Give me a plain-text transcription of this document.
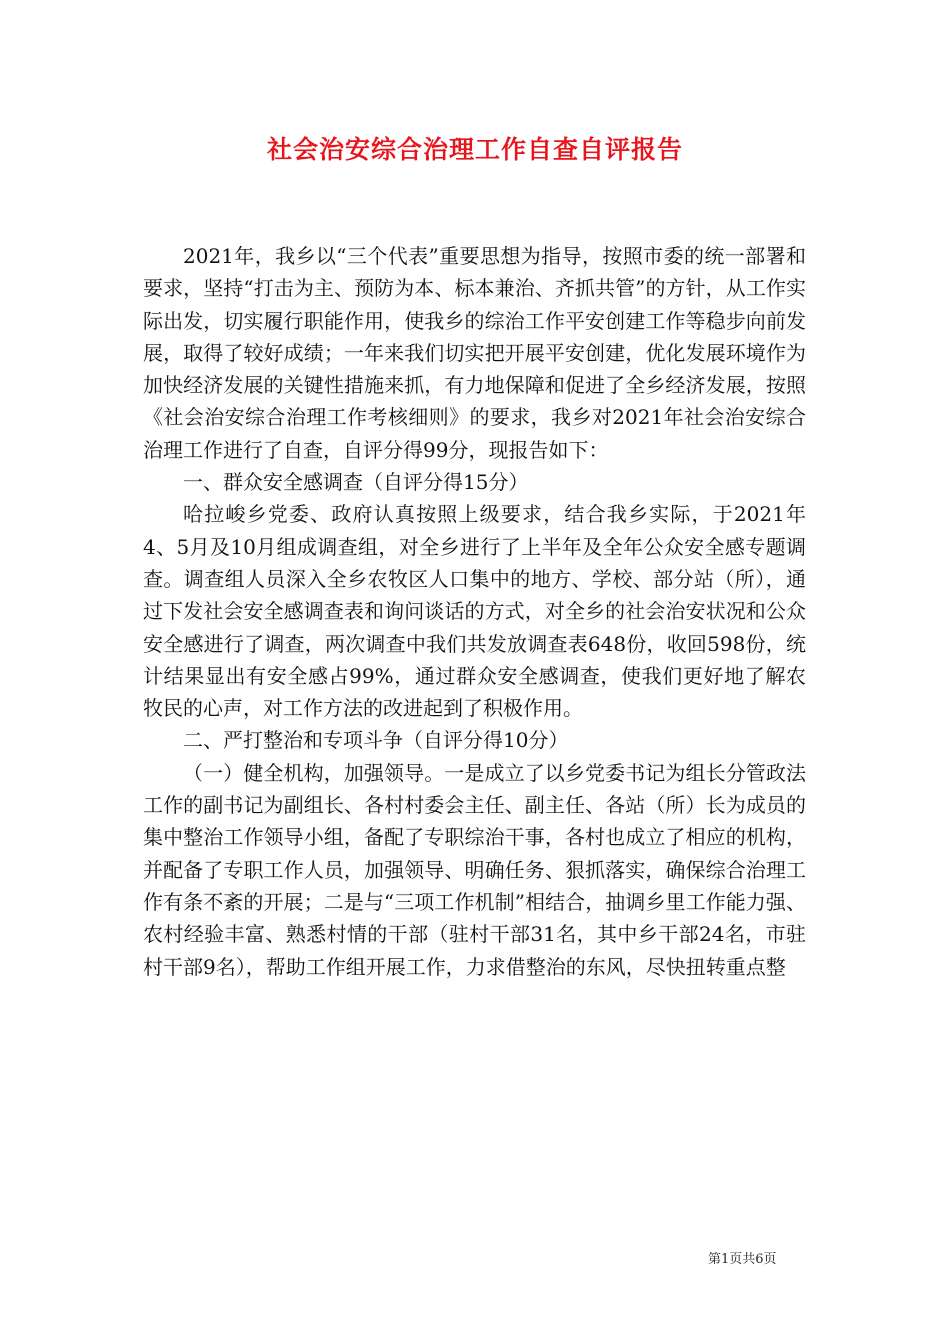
社会治安综合治理工作自查自评报告

2021年，我乡以“三个代表”重要思想为指导，按照市委的统一部署和要求，坚持“打击为主、预防为本、标本兼治、齐抓共管”的方针，从工作实际出发，切实履行职能作用，使我乡的综治工作平安创建工作等稳步向前发展，取得了较好成绩；一年来我们切实把开展平安创建，优化发展环境作为加快经济发展的关键性措施来抓，有力地保障和促进了全乡经济发展，按照《社会治安综合治理工作考核细则》的要求，我乡对2021年社会治安综合治理工作进行了自查，自评分得99分，现报告如下：

一、群众安全感调查（自评分得15分）

哈拉峻乡党委、政府认真按照上级要求，结合我乡实际，于2021年4、5月及10月组成调查组，对全乡进行了上半年及全年公众安全感专题调查。调查组人员深入全乡农牧区人口集中的地方、学校、部分站（所），通过下发社会安全感调查表和询问谈话的方式，对全乡的社会治安状况和公众安全感进行了调查，两次调查中我们共发放调查表648份，收回598份，统计结果显出有安全感占99%，通过群众安全感调查，使我们更好地了解农牧民的心声，对工作方法的改进起到了积极作用。

二、严打整治和专项斗争（自评分得10分）

（一）健全机构，加强领导。一是成立了以乡党委书记为组长分管政法工作的副书记为副组长、各村村委会主任、副主任、各站（所）长为成员的集中整治工作领导小组，备配了专职综治干事，各村也成立了相应的机构，并配备了专职工作人员，加强领导、明确任务、狠抓落实，确保综合治理工作有条不紊的开展；二是与“三项工作机制”相结合，抽调乡里工作能力强、农村经验丰富、熟悉村情的干部（驻村干部31名，其中乡干部24名，市驻村干部9名），帮助工作组开展工作，力求借整治的东风，尽快扭转重点整

第1页共6页
